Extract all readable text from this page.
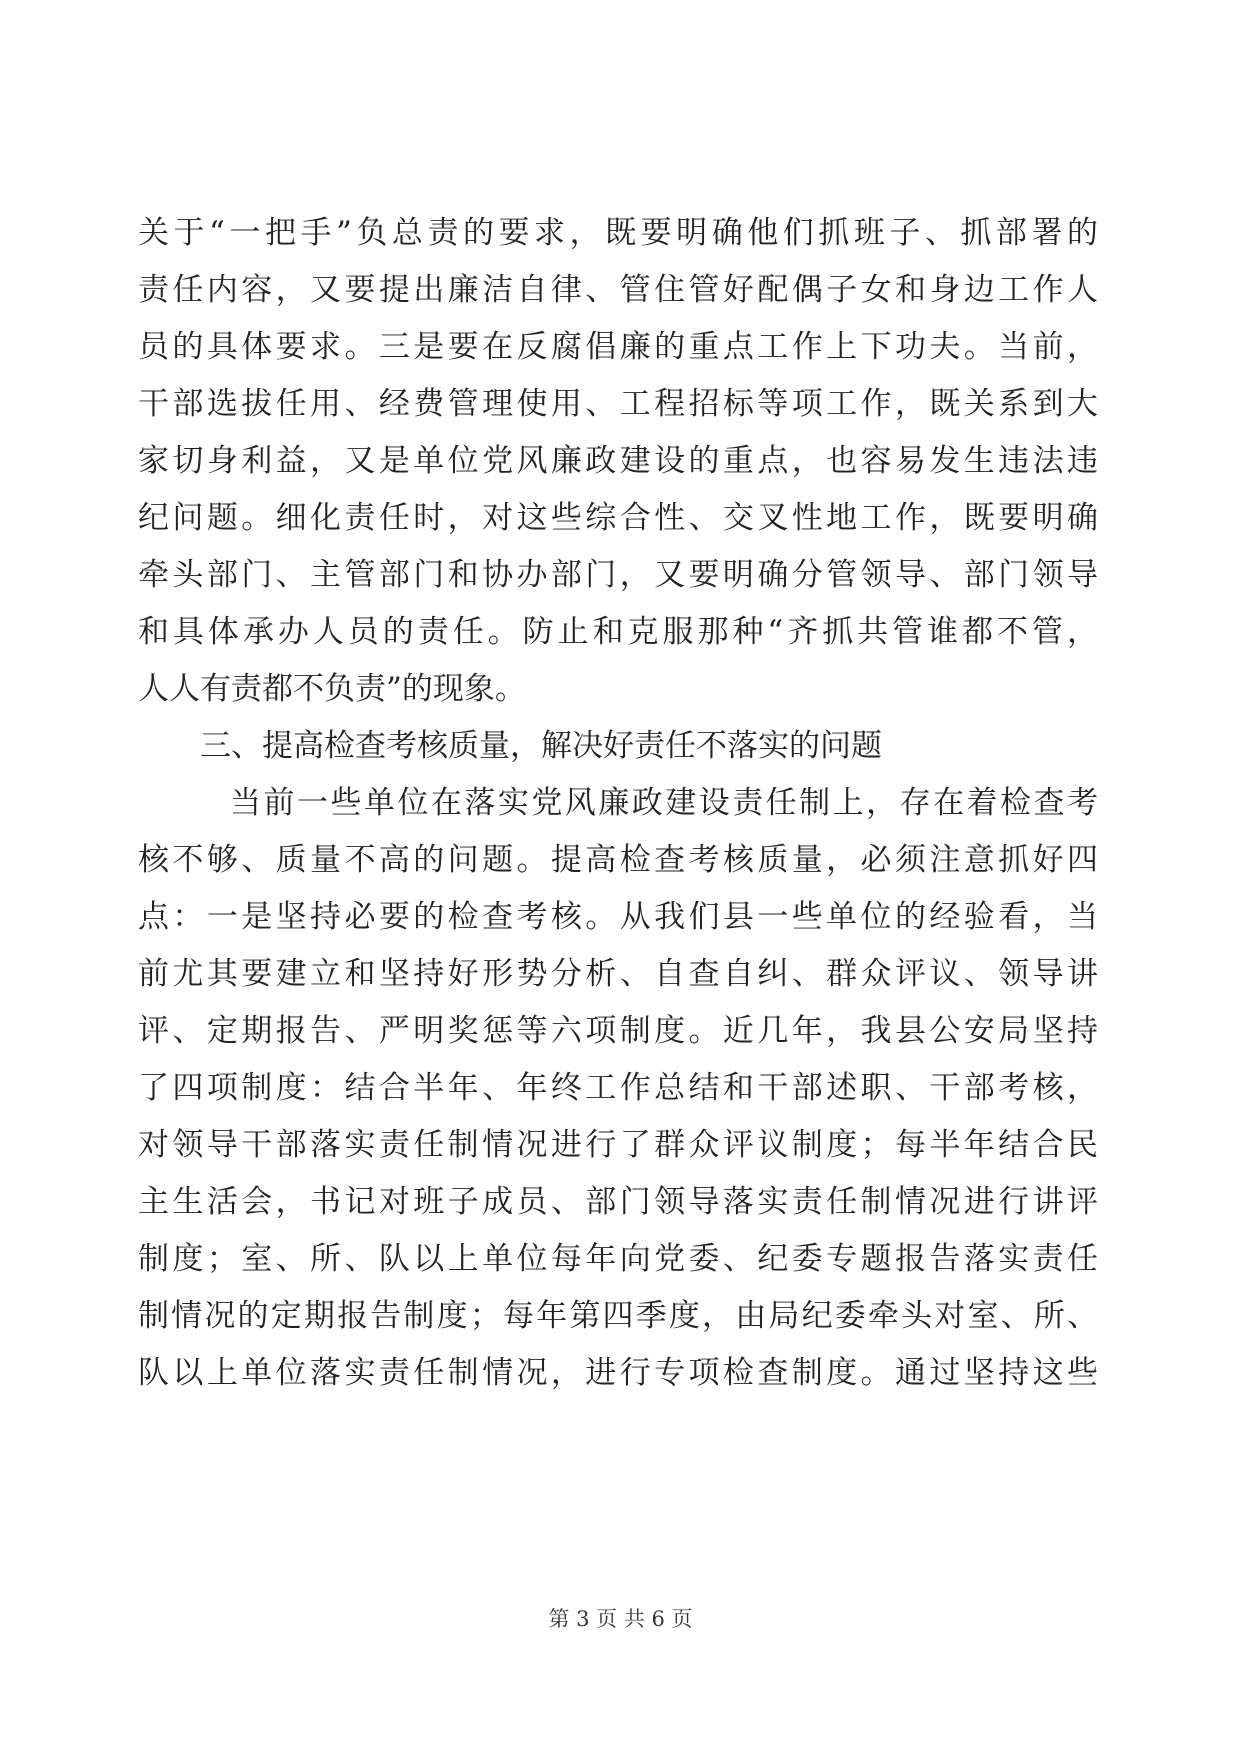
关于“一把手”负总责的要求，既要明确他们抓班子、抓部署的
责任内容，又要提出廉洁自律、管住管好配偶子女和身边工作人
员的具体要求。三是要在反腐倡廉的重点工作上下功夫。当前，
干部选拔任用、经费管理使用、工程招标等项工作，既关系到大
家切身利益，又是单位党风廉政建设的重点，也容易发生违法违
纪问题。细化责任时，对这些综合性、交叉性地工作，既要明确
牵头部门、主管部门和协办部门，又要明确分管领导、部门领导
和具体承办人员的责任。防止和克服那种“齐抓共管谁都不管，
人人有责都不负责”的现象。
三、提高检查考核质量，解决好责任不落实的问题
当前一些单位在落实党风廉政建设责任制上，存在着检查考
核不够、质量不高的问题。提高检查考核质量，必须注意抓好四
点：一是坚持必要的检查考核。从我们县一些单位的经验看，当
前尤其要建立和坚持好形势分析、自查自纠、群众评议、领导讲
评、定期报告、严明奖惩等六项制度。近几年，我县公安局坚持
了四项制度：结合半年、年终工作总结和干部述职、干部考核，
对领导干部落实责任制情况进行了群众评议制度；每半年结合民
主生活会，书记对班子成员、部门领导落实责任制情况进行讲评
制度；室、所、队以上单位每年向党委、纪委专题报告落实责任
制情况的定期报告制度；每年第四季度，由局纪委牵头对室、所、
队以上单位落实责任制情况，进行专项检查制度。通过坚持这些
第 3 页 共 6 页
